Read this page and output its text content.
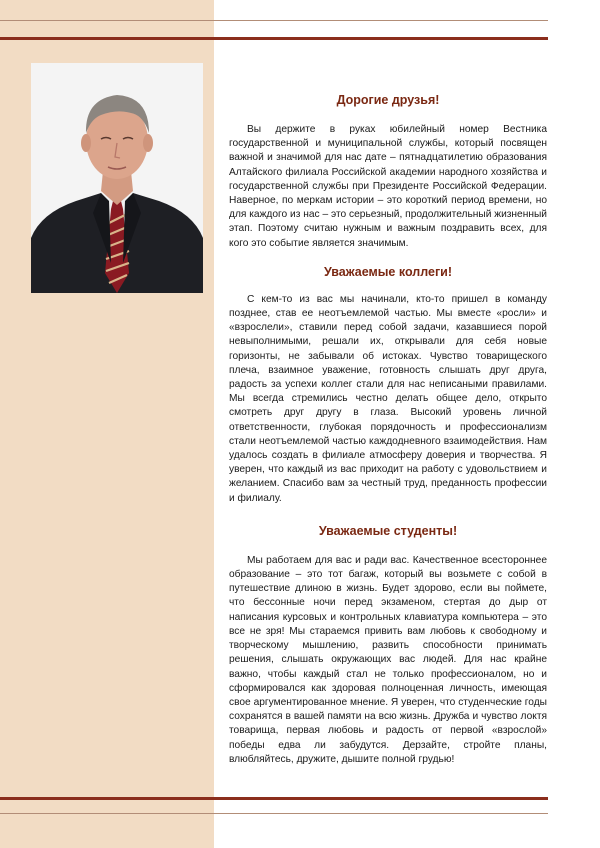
Дорогие друзья!

Вы держите в руках юбилейный номер Вестника государственной и муниципальной службы, который посвящен важной и значимой для нас дате – пятнадцатилетию образования Алтайского филиала Российской академии народного хозяйства и государственной службы при Президенте Российской Федерации. Наверное, по меркам истории – это короткий период времени, но для каждого из нас – это серьезный, продолжительный жизненный этап. Поэтому считаю нужным и важным поздравить всех, для кого это событие является значимым.

Уважаемые коллеги!

С кем-то из вас мы начинали, кто-то пришел в команду позднее, став ее неотъемлемой частью. Мы вместе «росли» и «взрослели», ставили перед собой задачи, казавшиеся порой невыполнимыми, решали их, открывали для себя новые горизонты, не забывали об истоках. Чувство товарищеского плеча, взаимное уважение, готовность слышать друг друга, радость за успехи коллег стали для нас неписаными правилами. Мы всегда стремились честно делать общее дело, открыто смотреть друг другу в глаза. Высокий уровень личной ответственности, глубокая порядочность и профессионализм стали неотъемлемой частью каждодневного взаимодействия. Нам удалось создать в филиале атмосферу доверия и творчества. Я уверен, что каждый из вас приходит на работу с удовольствием и желанием. Спасибо вам за честный труд, преданность профессии и филиалу.

Уважаемые студенты!

Мы работаем для вас и ради вас. Качественное всестороннее образование – это тот багаж, который вы возьмете с собой в путешествие длиною в жизнь. Будет здорово, если вы поймете, что бессонные ночи перед экзаменом, стертая до дыр от написания курсовых и контрольных клавиатура компьютера – это все не зря! Мы стараемся привить вам любовь к свободному и творческому мышлению, развить способности принимать решения, слышать окружающих вас людей. Для нас крайне важно, чтобы каждый стал не только профессионалом, но и сформировался как здоровая полноценная личность, имеющая свое аргументированное мнение. Я уверен, что студенческие годы сохранятся в вашей памяти на всю жизнь. Дружба и чувство локтя товарища, первая любовь и радость от первой «взрослой» победы едва ли забудутся. Дерзайте, стройте планы, влюбляйтесь, дружите, дышите полной грудью!
